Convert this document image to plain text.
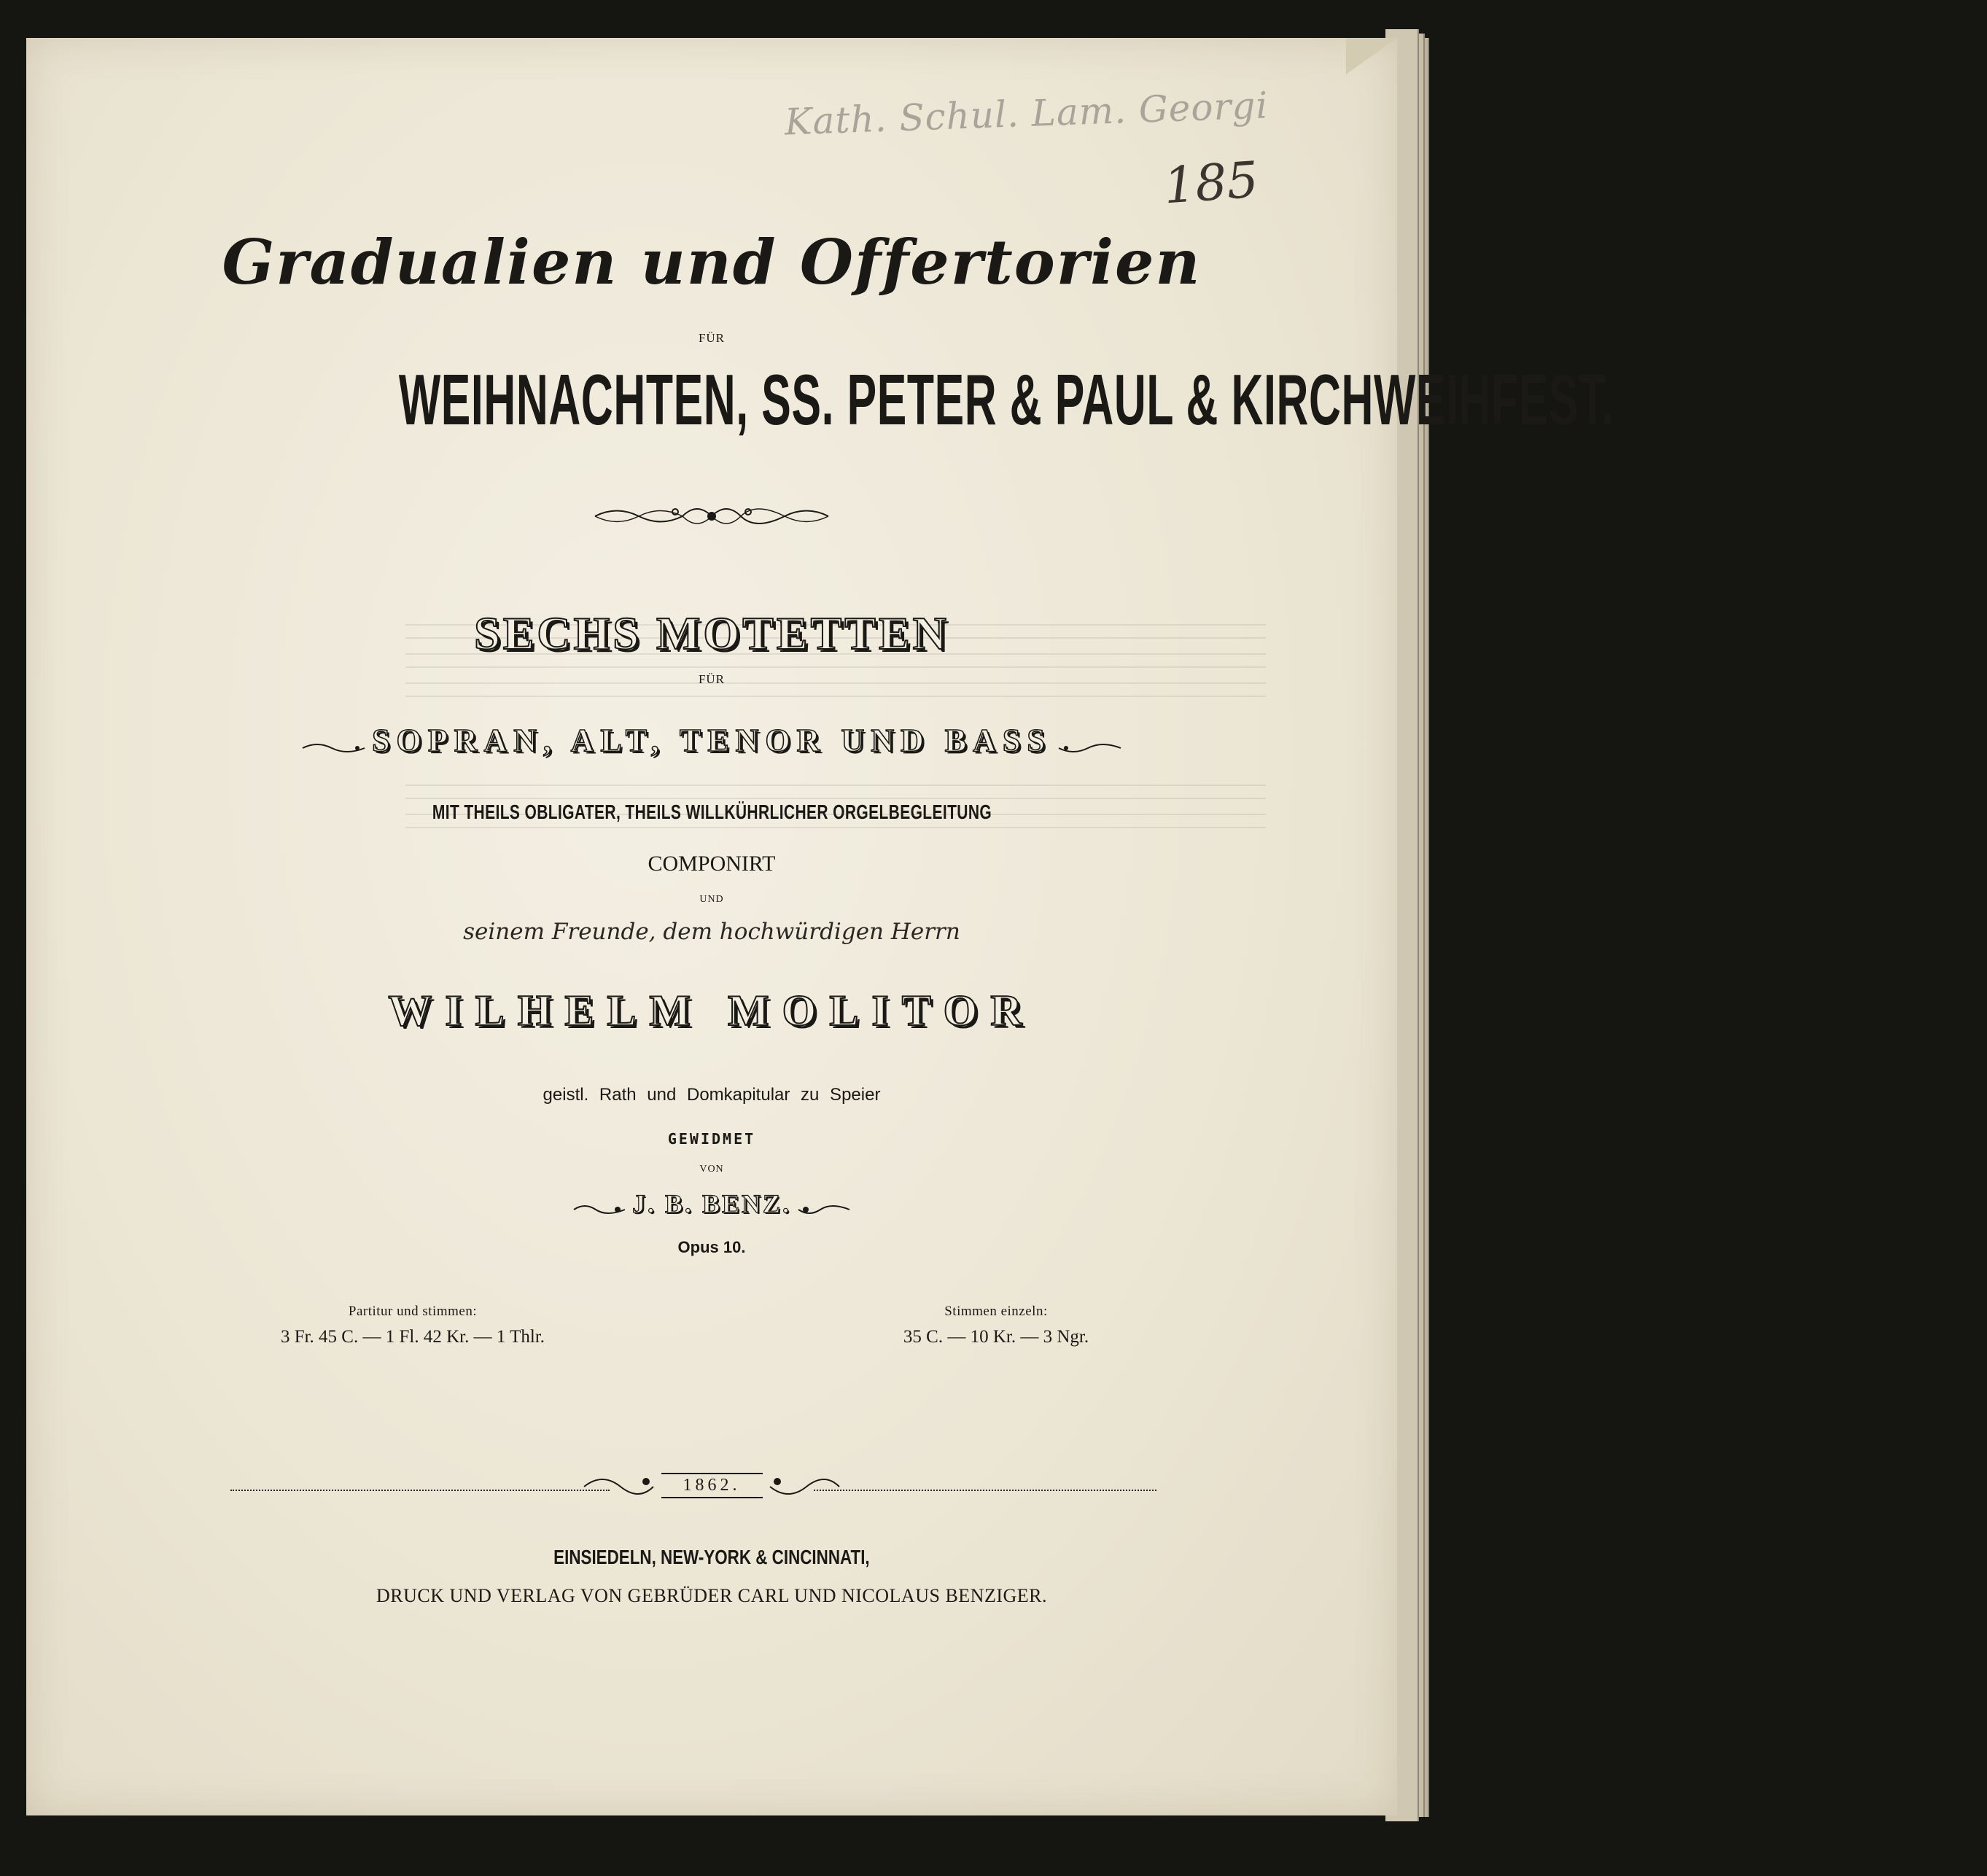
Kath. Schul. Lam. Georgi
185
Gradualien und Offertorien
FÜR
WEIHNACHTEN, SS. PETER & PAUL & KIRCHWEIHFEST.
SECHS MOTETTEN
FÜR
SOPRAN, ALT, TENOR UND BASS
MIT THEILS OBLIGATER, THEILS WILLKÜHRLICHER ORGELBEGLEITUNG
COMPONIRT
UND
seinem Freunde, dem hochwürdigen Herrn
WILHELM MOLITOR
geistl. Rath und Domkapitular zu Speier
GEWIDMET
VON
J. B. BENZ.
Opus 10.
Partitur und stimmen:
3 Fr. 45 C. — 1 Fl. 42 Kr. — 1 Thlr.
Stimmen einzeln:
35 C. — 10 Kr. — 3 Ngr.
1862.
EINSIEDELN, NEW-YORK & CINCINNATI,
DRUCK UND VERLAG VON GEBRÜDER CARL UND NICOLAUS BENZIGER.
